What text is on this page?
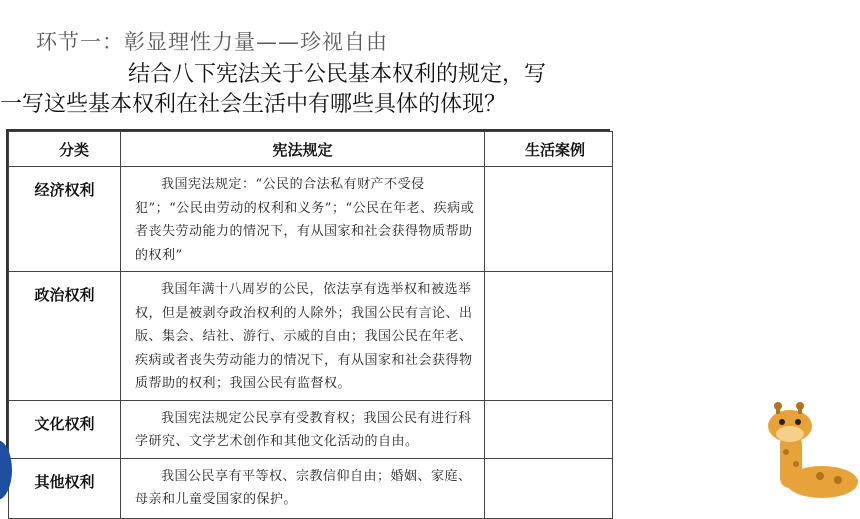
环节一：彰显理性力量——珍视自由
结合八下宪法关于公民基本权利的规定，写
一写这些基本权利在社会生活中有哪些具体的体现？
分类	宪法规定	生活案例
经济权利	我国宪法规定：“公民的合法私有财产不受侵犯”；“公民由劳动的权利和义务”；“公民在年老、疾病或者丧失劳动能力的情况下，有从国家和社会获得物质帮助的权利”	

政治权利	我国年满十八周岁的公民，依法享有选举权和被选举权，但是被剥夺政治权利的人除外；我国公民有言论、出版、集会、结社、游行、示威的自由；我国公民在年老、疾病或者丧失劳动能力的情况下，有从国家和社会获得物质帮助的权利；我国公民有监督权。	

文化权利	我国宪法规定公民享有受教育权；我国公民有进行科学研究、文学艺术创作和其他文化活动的自由。	

其他权利	我国公民享有平等权、宗教信仰自由；婚姻、家庭、母亲和儿童受国家的保护。	
